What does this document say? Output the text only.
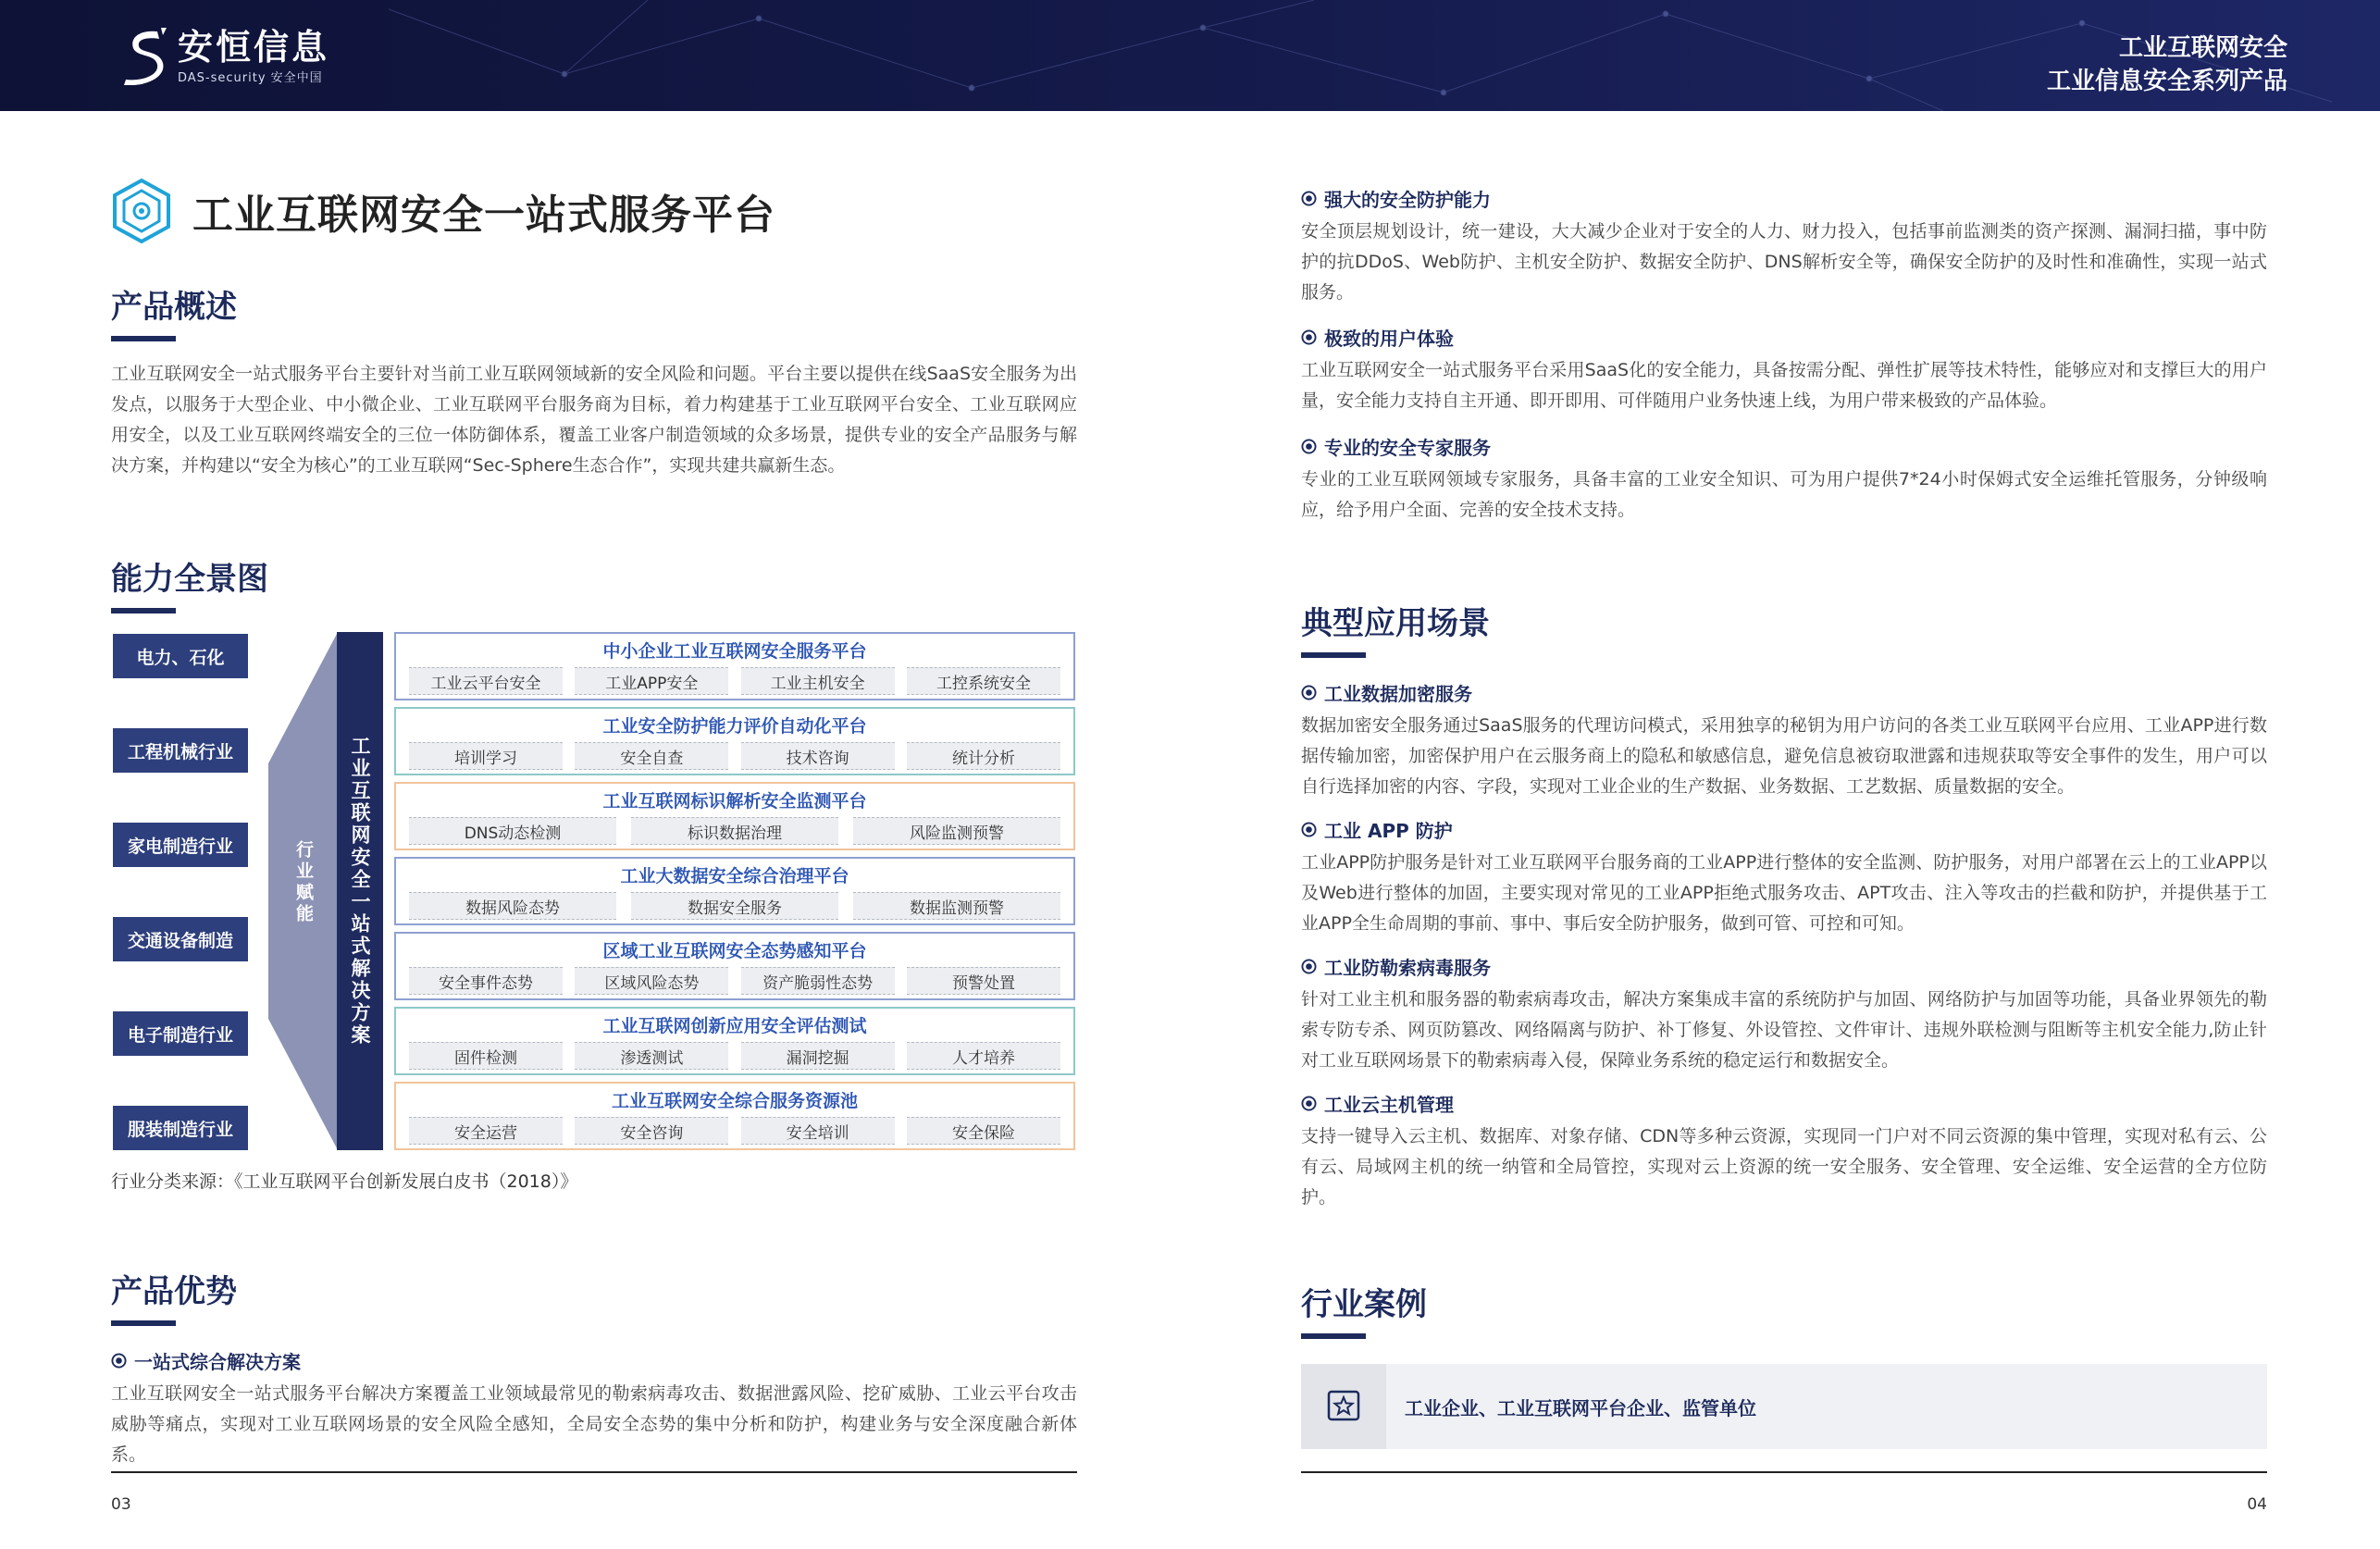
安恒信息
DAS-security 安全中国
工业互联网安全
工业信息安全系列产品
工业互联网安全一站式服务平台
产品概述
工业互联网安全一站式服务平台主要针对当前工业互联网领域新的安全风险和问题。平台主要以提供在线SaaS安全服务为出发点，以服务于大型企业、中小微企业、工业互联网平台服务商为目标，着力构建基于工业互联网平台安全、工业互联网应用安全，以及工业互联网终端安全的三位一体防御体系，覆盖工业客户制造领域的众多场景，提供专业的安全产品服务与解决方案，并构建以“安全为核心”的工业互联网“Sec-Sphere生态合作”，实现共建共赢新生态。
能力全景图
电力、石化
工程机械行业
家电制造行业
交通设备制造
电子制造行业
服装制造行业
行业赋能	工业互联网安全一站式解决方案
中小企业工业互联网安全服务平台
工业云平台安全	工业APP安全	工业主机安全	工控系统安全
工业安全防护能力评价自动化平台
培训学习	安全自查	技术咨询	统计分析
工业互联网标识解析安全监测平台
DNS动态检测	标识数据治理	风险监测预警
工业大数据安全综合治理平台
数据风险态势	数据安全服务	数据监测预警
区域工业互联网安全态势感知平台
安全事件态势	区域风险态势	资产脆弱性态势	预警处置
工业互联网创新应用安全评估测试
固件检测	渗透测试	漏洞挖掘	人才培养
工业互联网安全综合服务资源池
安全运营	安全咨询	安全培训	安全保险
行业分类来源：《工业互联网平台创新发展白皮书（2018）》
产品优势
一站式综合解决方案
工业互联网安全一站式服务平台解决方案覆盖工业领域最常见的勒索病毒攻击、数据泄露风险、挖矿威胁、工业云平台攻击威胁等痛点，实现对工业互联网场景的安全风险全感知，全局安全态势的集中分析和防护，构建业务与安全深度融合新体系。
03
强大的安全防护能力
安全顶层规划设计，统一建设，大大减少企业对于安全的人力、财力投入，包括事前监测类的资产探测、漏洞扫描，事中防护的抗DDoS、Web防护、主机安全防护、数据安全防护、DNS解析安全等，确保安全防护的及时性和准确性，实现一站式服务。
极致的用户体验
工业互联网安全一站式服务平台采用SaaS化的安全能力，具备按需分配、弹性扩展等技术特性，能够应对和支撑巨大的用户量，安全能力支持自主开通、即开即用、可伴随用户业务快速上线，为用户带来极致的产品体验。
专业的安全专家服务
专业的工业互联网领域专家服务，具备丰富的工业安全知识、可为用户提供7*24小时保姆式安全运维托管服务，分钟级响应，给予用户全面、完善的安全技术支持。
典型应用场景
工业数据加密服务
数据加密安全服务通过SaaS服务的代理访问模式，采用独享的秘钥为用户访问的各类工业互联网平台应用、工业APP进行数据传输加密，加密保护用户在云服务商上的隐私和敏感信息，避免信息被窃取泄露和违规获取等安全事件的发生，用户可以自行选择加密的内容、字段，实现对工业企业的生产数据、业务数据、工艺数据、质量数据的安全。
工业 APP 防护
工业APP防护服务是针对工业互联网平台服务商的工业APP进行整体的安全监测、防护服务，对用户部署在云上的工业APP以及Web进行整体的加固，主要实现对常见的工业APP拒绝式服务攻击、APT攻击、注入等攻击的拦截和防护，并提供基于工业APP全生命周期的事前、事中、事后安全防护服务，做到可管、可控和可知。
工业防勒索病毒服务
针对工业主机和服务器的勒索病毒攻击，解决方案集成丰富的系统防护与加固、网络防护与加固等功能，具备业界领先的勒索专防专杀、网页防篡改、网络隔离与防护、补丁修复、外设管控、文件审计、违规外联检测与阻断等主机安全能力,防止针对工业互联网场景下的勒索病毒入侵，保障业务系统的稳定运行和数据安全。
工业云主机管理
支持一键导入云主机、数据库、对象存储、CDN等多种云资源，实现同一门户对不同云资源的集中管理，实现对私有云、公有云、局域网主机的统一纳管和全局管控，实现对云上资源的统一安全服务、安全管理、安全运维、安全运营的全方位防护。
行业案例
工业企业、工业互联网平台企业、监管单位
04
